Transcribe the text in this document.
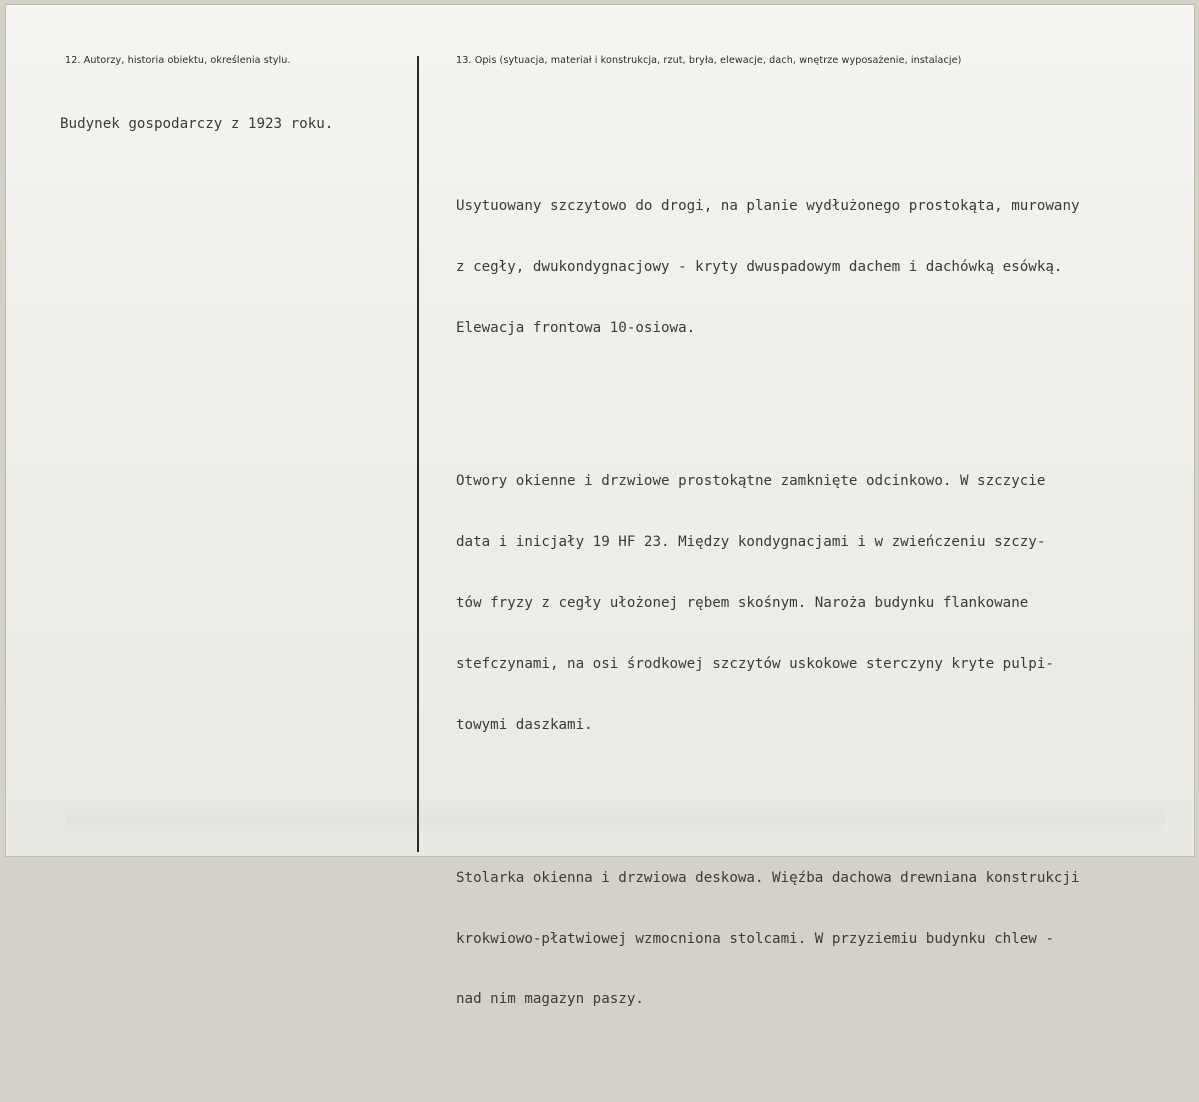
12. Autorzy, historia obiektu, określenia stylu.	13. Opis (sytuacja, materiał i konstrukcja, rzut, bryła, elewacje, dach, wnętrze wyposażenie, instalacje)
Budynek gospodarczy z 1923 roku.

Usytuowany szczytowo do drogi, na planie wydłużonego prostokąta, murowany

z cegły, dwukondygnacjowy - kryty dwuspadowym dachem i dachówką esówką.

Elewacja frontowa 10-osiowa.

Otwory okienne i drzwiowe prostokątne zamknięte odcinkowo. W szczycie

data i inicjały 19 HF 23. Między kondygnacjami i w zwieńczeniu szczy-

tów fryzy z cegły ułożonej rębem skośnym. Naroża budynku flankowane

stefczynami, na osi środkowej szczytów uskokowe sterczyny kryte pulpi-

towymi daszkami.

Stolarka okienna i drzwiowa deskowa. Więźba dachowa drewniana konstrukcji

krokwiowo-płatwiowej wzmocniona stolcami. W przyziemiu budynku chlew -

nad nim magazyn paszy.
